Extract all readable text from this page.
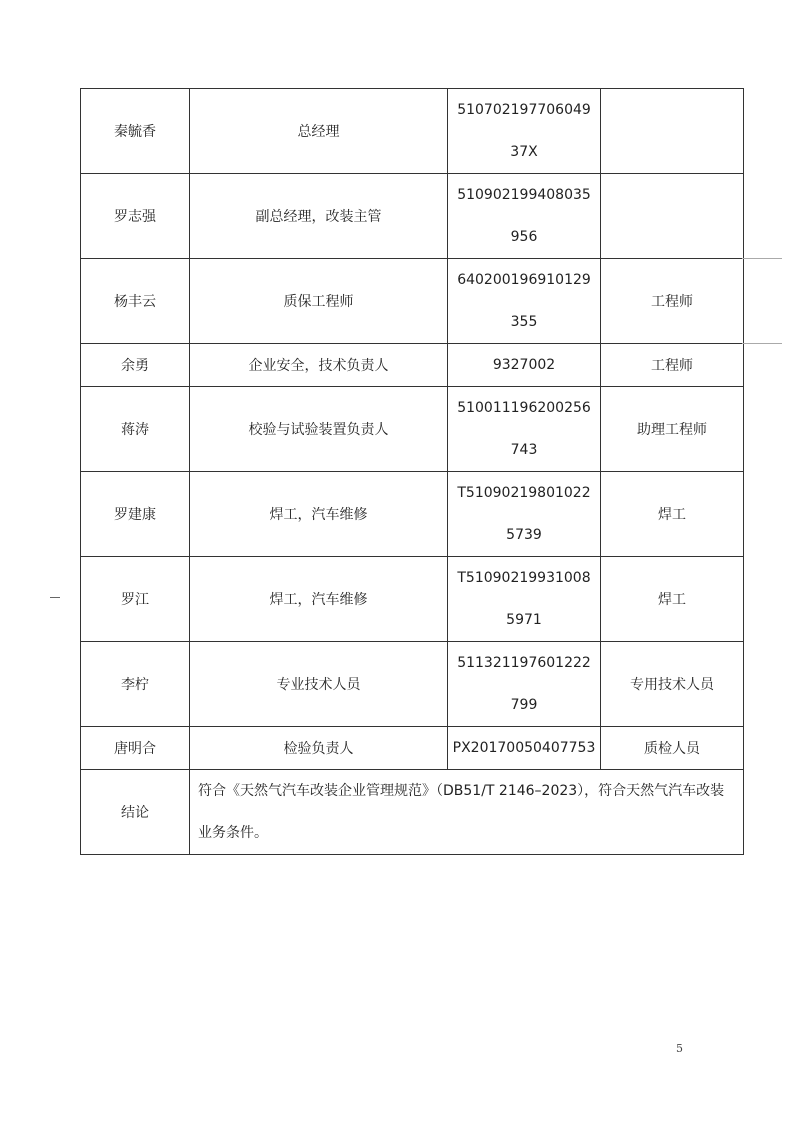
秦毓香	总经理	51070219770604937X	
罗志强	副总经理，改装主管	510902199408035956	
杨丰云	质保工程师	640200196910129355	工程师
余勇	企业安全，技术负责人	9327002	工程师
蒋涛	校验与试验装置负责人	510011196200256743	助理工程师
罗建康	焊工，汽车维修	T510902198010225739	焊工
罗江	焊工，汽车维修	T510902199310085971	焊工
李柠	专业技术人员	511321197601222799	专用技术人员
唐明合	检验负责人	PX20170050407753	质检人员
结论	符合《天然气汽车改装企业管理规范》（DB51/T 2146–2023），符合天然气汽车改装业务条件。		
5
